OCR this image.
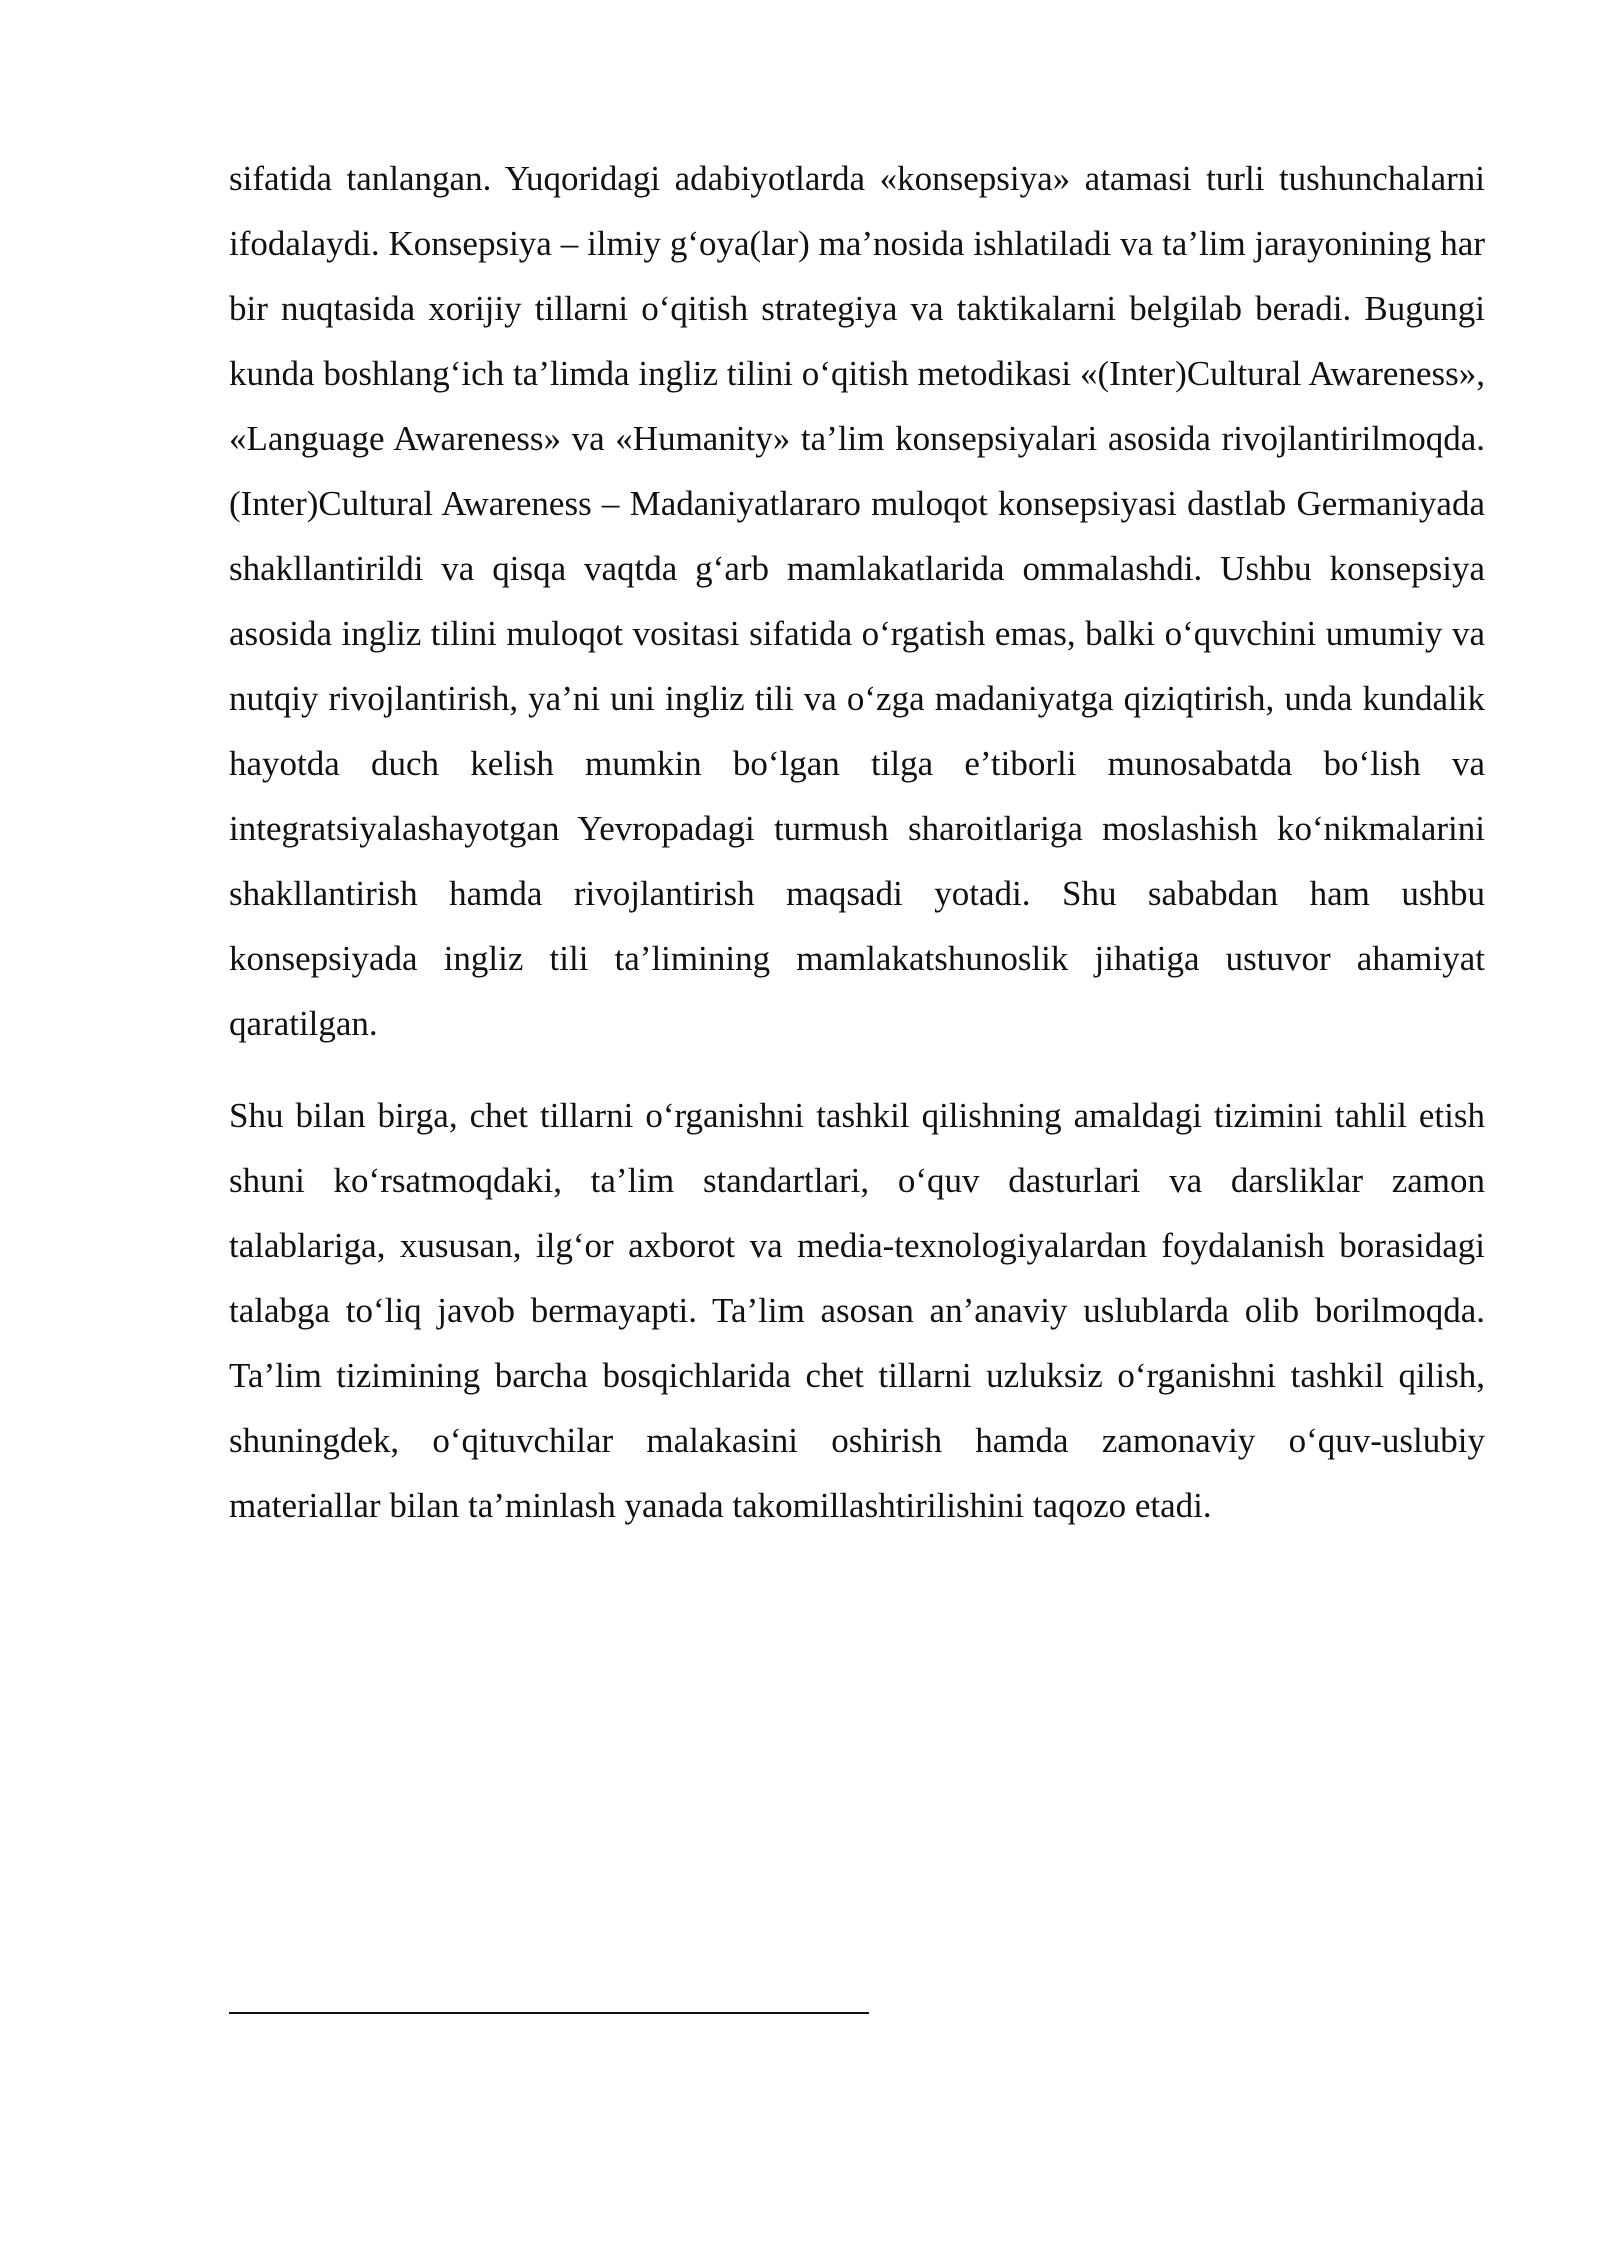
sifatida tanlangan. Yuqoridagi adabiyotlarda «konsepsiya» atamasi turli tushunchalarni ifodalaydi. Konsepsiya – ilmiy g‘oya(lar) ma’nosida ishlatiladi va ta’lim jarayonining har bir nuqtasida xorijiy tillarni o‘qitish strategiya va taktikalarni belgilab beradi. Bugungi kunda boshlang‘ich ta’limda ingliz tilini o‘qitish metodikasi «(Inter)Cultural Awareness», «Language Awareness» va «Humanity» ta’lim konsepsiyalari asosida rivojlantirilmoqda. (Inter)Cultural Awareness – Madaniyatlararo muloqot konsepsiyasi dastlab Germaniyada shakllantirildi va qisqa vaqtda g‘arb mamlakatlarida ommalashdi. Ushbu konsepsiya asosida ingliz tilini muloqot vositasi sifatida o‘rgatish emas, balki o‘quvchini umumiy va nutqiy rivojlantirish, ya’ni uni ingliz tili va o‘zga madaniyatga qiziqtirish, unda kundalik hayotda duch kelish mumkin bo‘lgan tilga e’tiborli munosabatda bo‘lish va integratsiyalashayotgan Yevropadagi turmush sharoitlariga moslashish ko‘nikmalarini shakllantirish hamda rivojlantirish maqsadi yotadi. Shu sababdan ham ushbu konsepsiyada ingliz tili ta’limining mamlakatshunoslik jihatiga ustuvor ahamiyat qaratilgan.

Shu bilan birga, chet tillarni o‘rganishni tashkil qilishning amaldagi tizimini tahlil etish shuni ko‘rsatmoqdaki, ta’lim standartlari, o‘quv dasturlari va darsliklar zamon talablariga, xususan, ilg‘or axborot va media-texnologiyalardan foydalanish borasidagi talabga to‘liq javob bermayapti. Ta’lim asosan an’anaviy uslublarda olib borilmoqda. Ta’lim tizimining barcha bosqichlarida chet tillarni uzluksiz o‘rganishni tashkil qilish, shuningdek, o‘qituvchilar malakasini oshirish hamda zamonaviy o‘quv-uslubiy materiallar bilan ta’minlash yanada takomillashtirilishini taqozo etadi.
